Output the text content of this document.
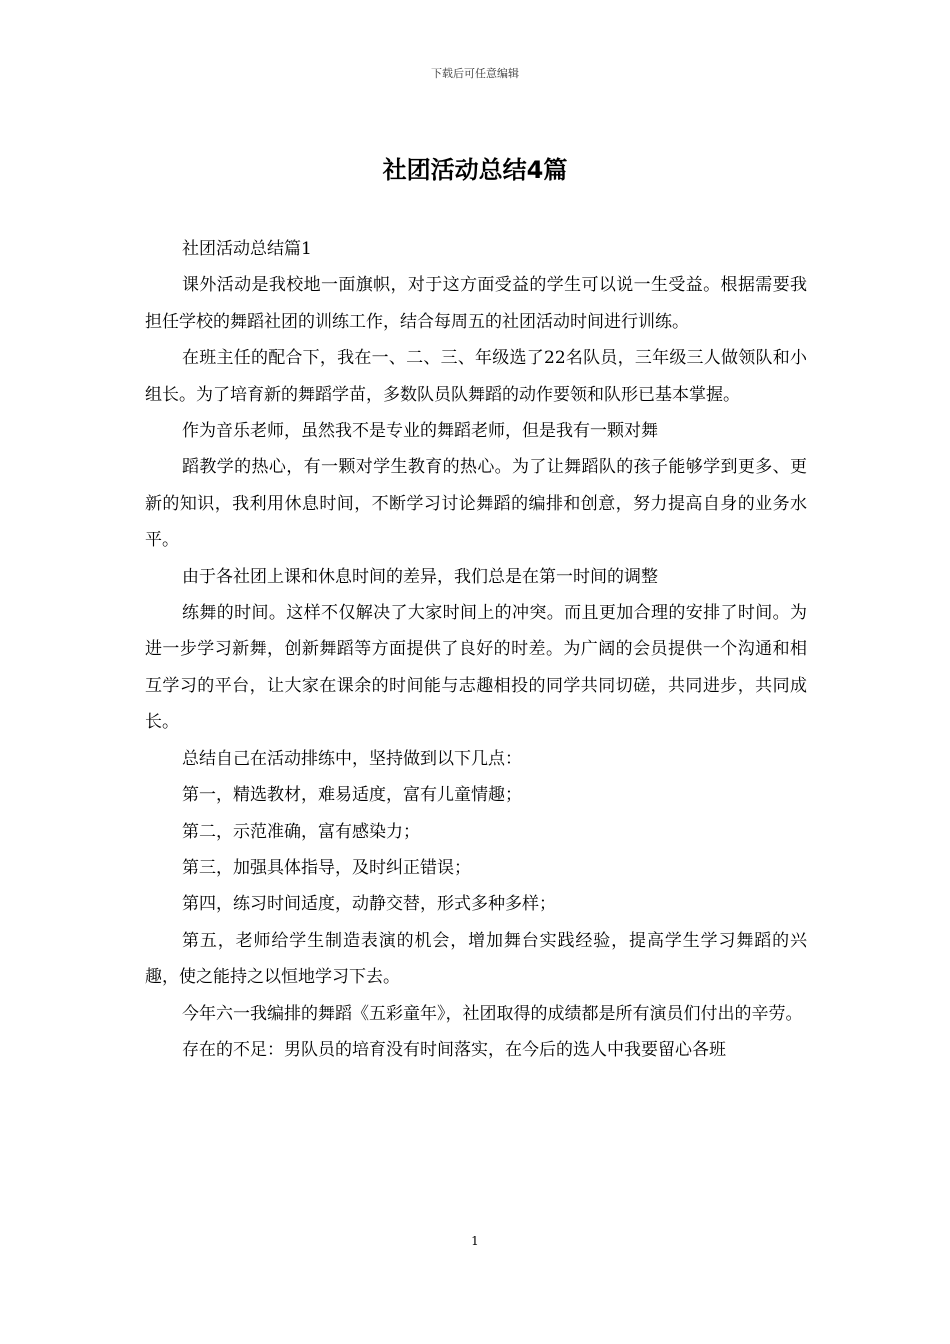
下载后可任意编辑
社团活动总结4篇

社团活动总结篇1

课外活动是我校地一面旗帜，对于这方面受益的学生可以说一生受益。根据需要我担任学校的舞蹈社团的训练工作，结合每周五的社团活动时间进行训练。

在班主任的配合下，我在一、二、三、年级选了22名队员，三年级三人做领队和小组长。为了培育新的舞蹈学苗，多数队员队舞蹈的动作要领和队形已基本掌握。

作为音乐老师，虽然我不是专业的舞蹈老师，但是我有一颗对舞

蹈教学的热心，有一颗对学生教育的热心。为了让舞蹈队的孩子能够学到更多、更新的知识，我利用休息时间，不断学习讨论舞蹈的编排和创意，努力提高自身的业务水平。

由于各社团上课和休息时间的差异，我们总是在第一时间的调整

练舞的时间。这样不仅解决了大家时间上的冲突。而且更加合理的安排了时间。为进一步学习新舞，创新舞蹈等方面提供了良好的时差。为广阔的会员提供一个沟通和相互学习的平台，让大家在课余的时间能与志趣相投的同学共同切磋，共同进步，共同成长。

总结自己在活动排练中，坚持做到以下几点：

第一，精选教材，难易适度，富有儿童情趣；

第二，示范准确，富有感染力；

第三，加强具体指导，及时纠正错误；

第四，练习时间适度，动静交替，形式多种多样；

第五，老师给学生制造表演的机会，增加舞台实践经验，提高学生学习舞蹈的兴趣，使之能持之以恒地学习下去。

今年六一我编排的舞蹈《五彩童年》，社团取得的成绩都是所有演员们付出的辛劳。

存在的不足：男队员的培育没有时间落实，在今后的选人中我要留心各班

1
